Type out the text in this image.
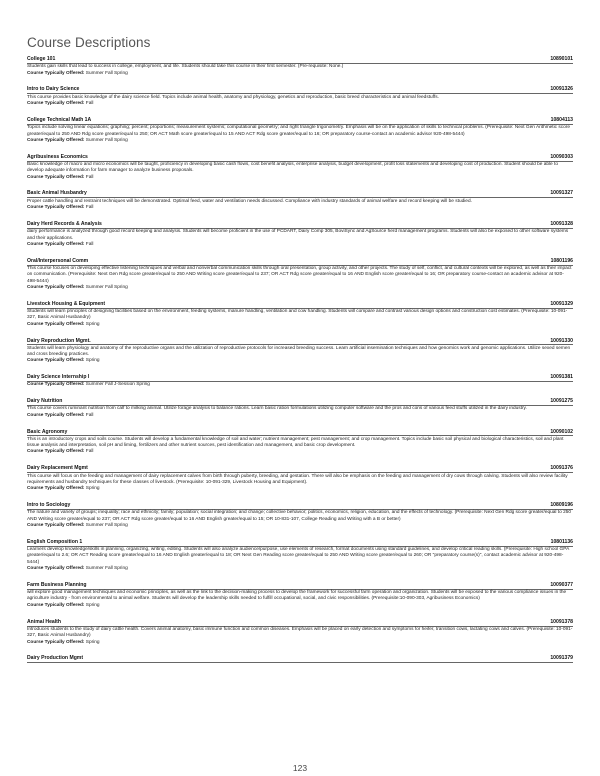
Course Descriptions
College 101	10890101
Students gain skills that lead to success in college, employment, and life. Students should take this course in their first semester. (Pre-requisite: None.)
Course Typically Offered: Summer Fall Spring
Intro to Dairy Science	10091326
This course provides basic knowledge of the dairy science field. Topics include animal health, anatomy and physiology, genetics and reproduction, basic breed characteristics and animal feedstuffs.
Course Typically Offered: Fall
College Technical Math 1A	10804113
Topics include solving linear equations; graphing; percent; proportions; measurement systems; computational geometry; and right triangle trigonometry. Emphasis will be on the application of skills to technical problems. (Prerequisite: Next Gen Arithmetic score greater/equal to 250 AND Rdg score greater/equal to 250; OR ACT Math score greater/equal to 15 AND ACT Rdg score greater/equal to 16; OR preparatory course-contact an academic advisor 920-498-5444)
Course Typically Offered: Summer Fall Spring
Agribusiness Economics	10090303
Basic knowledge of macro and micro economics will be taught, proficiency in developing basic cash flows, cost benefit analysis, enterprise analysis, budget development, profit loss statements and developing cost of production. Student should be able to develop adequate information for farm manager to analyze business proposals.
Course Typically Offered: Fall
Basic Animal Husbandry	10091327
Proper cattle handling and restraint techniques will be demonstrated. Optimal feed, water and ventilation needs discussed. Compliance with industry standards of animal welfare and record keeping will be studied.
Course Typically Offered: Fall
Dairy Herd Records & Analysis	10091328
dairy performance is analyzed through good record keeping and analysis. Students will become proficient in the use of PCDART, Dairy Comp 305, BoviSync and AgSource herd management programs. Students will also be exposed to other software systems and their applications.
Course Typically Offered: Fall
Oral/Interpersonal Comm	10801196
This course focuses on developing effective listening techniques and verbal and nonverbal communication skills through oral presentation, group activity, and other projects. The study of self, conflict, and cultural contexts will be explored, as well as their impact on communication. (Prerequisite: Next Gen Rdg score greater/equal to 250 AND Writing score greater/equal to 237; OR ACT Rdg score greater/equal to 16 AND English score greater/equal to 16; OR preparatory course-contact an academic advisor at 920-498-5444)
Course Typically Offered: Summer Fall Spring
Livestock Housing & Equipment	10091329
Students will learn principles of designing facilities based on the environment, feeding systems, manure handling, ventilation and cow handling. Students will compare and contrast various design options and construction cost estimates. (Prerequisite: 10-091-327, Basic Animal Husbandry)
Course Typically Offered: Spring
Dairy Reproduction Mgmt.	10091330
Students will learn physiology and anatomy of the reproductive organs and the utilization of reproductive protocols for increased breeding success. Learn artificial insemination techniques and how genomics work and genomic applications. Utilize sexed semen and cross breeding practices.
Course Typically Offered: Spring
Dairy Science Internship I	10091381
Course Typically Offered: Summer Fall J-Session Spring
Dairy Nutrition	10091275
This course covers ruminant nutrition from calf to milking animal. Utilize forage analysis to balance rations. Learn basic ration formulations utilizing computer software and the pros and cons of various feed stuffs utilized in the dairy industry.
Course Typically Offered: Fall
Basic Agronomy	10090102
This is an introductory crops and soils course. Students will develop a fundamental knowledge of soil and water; nutrient management; pest management; and crop management. Topics include basic soil physical and biological characteristics, soil and plant tissue analysis and interpretation, soil pH and liming, fertilizers and other nutrient sources, pest identification and management, and basic crop development.
Course Typically Offered: Fall
Dairy Replacement Mgmt	10091376
This course will focus on the feeding and management of dairy replacement calves from birth through puberty, breeding, and gestation. There will also be emphasis on the feeding and management of dry cows through calving. Students will also review facility requirements and husbandry techniques for these classes of livestock. (Prerequisite: 10-091-329, Livestock Housing and Equipment).
Course Typically Offered: Spring
Intro to Sociology	10809196
The nature and variety of groups; inequality; race and ethnicity; family; population; social integration; and change; collective behavior; politics, economics, religion, education, and the effects of technology. (Prerequisite: Next Gen Rdg score greater/equal to 250 AND Writing score greater/equal to 237; OR ACT Rdg score greater/equal to 16 AND English greater/equal to 15; OR 10-831-107, College Reading and Writing with a B or better)
Course Typically Offered: Summer Fall Spring
English Composition 1	10801136
Learners develop knowledge/skills in planning, organizing, writing, editing. Students will also analyze audience/purpose, use elements of research, format documents using standard guidelines, and develop critical reading skills. (Prerequisite: High school GPA greater/equal to 2.6; OR ACT Reading score greater/equal to 16 AND English greater/equal to 18; OR Next Gen Reading score greater/equal to 250 AND Writing score greater/equal to 260; OR "preparatory course(s)", contact academic advisor at 920-498-5444)
Course Typically Offered: Summer Fall Spring
Farm Business Planning	10090377
will explore good management techniques and economic principles, as well as the link to the decision-making process to develop the framework for successful farm operation and organization. Students will be exposed to the various compliance issues in the agriculture industry - from environmental to animal welfare. Students will develop the leadership skills needed to fulfill occupational, social, and civic responsibilities. (Prerequisite:10-090-303, Agribusiness Economics)
Course Typically Offered: Spring
Animal Health	10091378
Introduces students to the study of dairy cattle health. Covers animal anatomy, basic immune function and common diseases. Emphasis will be placed on early detection and symptoms for heifer, transition cows, lactating cows and calves. (Prerequisite: 10-091-327, Basic Animal Husbandry)
Course Typically Offered: Spring
Dairy Production Mgmt	10091379
123
